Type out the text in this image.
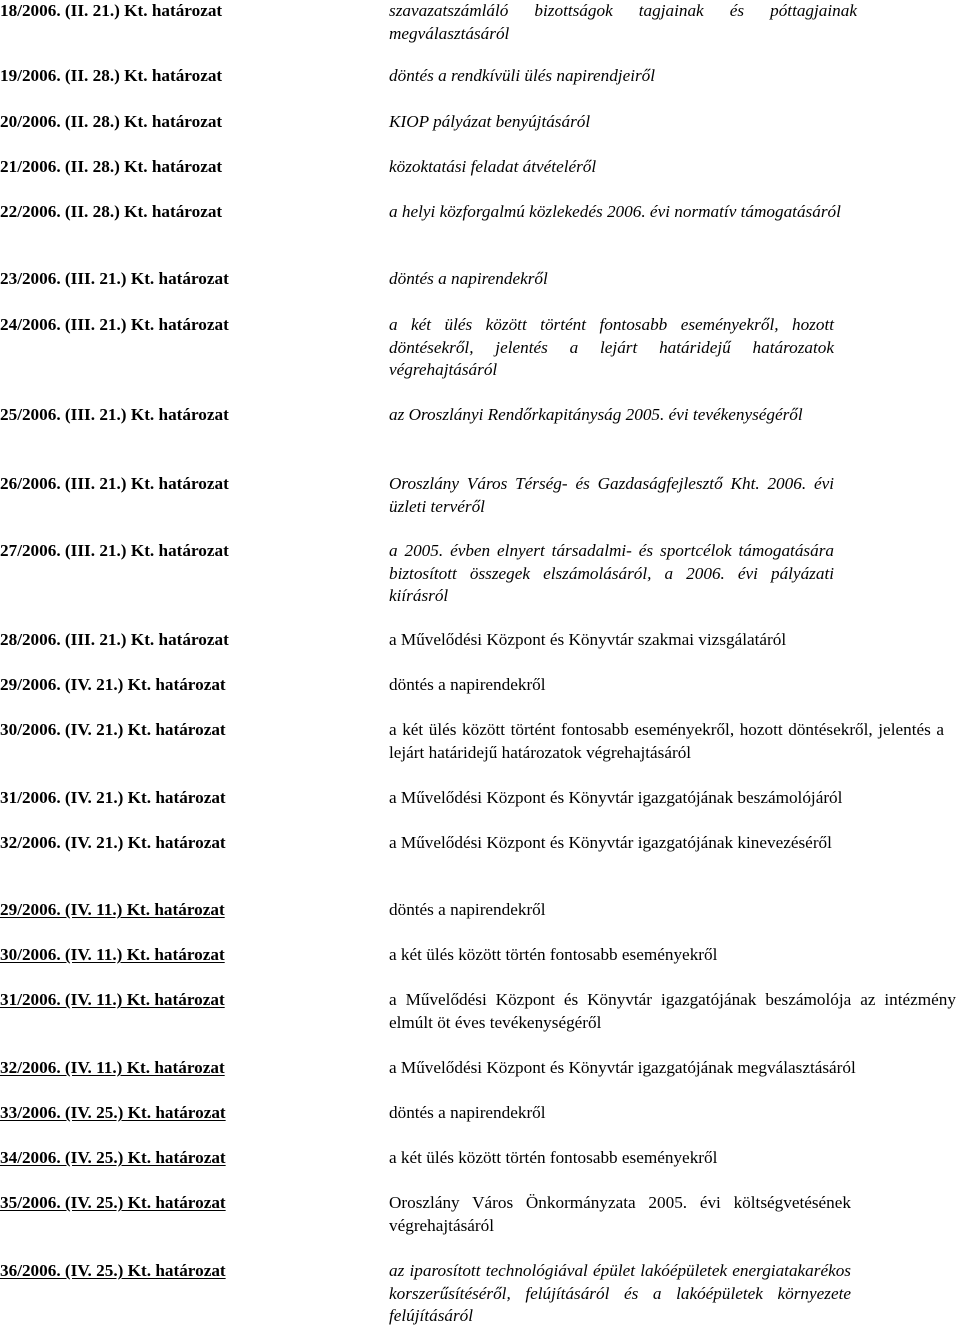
18/2006. (II. 21.) Kt. határozat	szavazatszámláló bizottságok tagjainak és póttagjainak megválasztásáról
19/2006. (II. 28.) Kt. határozat	döntés a rendkívüli ülés napirendjeiről
20/2006. (II. 28.) Kt. határozat	KIOP pályázat benyújtásáról
21/2006. (II. 28.) Kt. határozat	közoktatási feladat átvételéről
22/2006. (II. 28.) Kt. határozat	a helyi közforgalmú közlekedés 2006. évi normatív támogatásáról
23/2006. (III. 21.) Kt. határozat	döntés a napirendekről
24/2006. (III. 21.) Kt. határozat	a két ülés között történt fontosabb eseményekről, hozott döntésekről, jelentés a lejárt határidejű határozatok végrehajtásáról
25/2006. (III. 21.) Kt. határozat	az Oroszlányi Rendőrkapitányság 2005. évi tevékenységéről
26/2006. (III. 21.) Kt. határozat	Oroszlány Város Térség- és Gazdaságfejlesztő Kht. 2006. évi üzleti tervéről
27/2006. (III. 21.) Kt. határozat	a 2005. évben elnyert társadalmi- és sportcélok támogatására biztosított összegek elszámolásáról, a 2006. évi pályázati kiírásról
28/2006. (III. 21.) Kt. határozat	a Művelődési Központ és Könyvtár szakmai vizsgálatáról
29/2006. (IV. 21.) Kt. határozat	döntés a napirendekről
30/2006. (IV. 21.) Kt. határozat	a két ülés között történt fontosabb eseményekről, hozott döntésekről, jelentés a lejárt határidejű határozatok végrehajtásáról
31/2006. (IV. 21.) Kt. határozat	a Művelődési Központ és Könyvtár igazgatójának beszámolójáról
32/2006. (IV. 21.) Kt. határozat	a Művelődési Központ és Könyvtár igazgatójának kinevezéséről
29/2006. (IV. 11.) Kt. határozat	döntés a napirendekről
30/2006. (IV. 11.) Kt. határozat	a két ülés között történ fontosabb eseményekről
31/2006. (IV. 11.) Kt. határozat	a Művelődési Központ és Könyvtár igazgatójának beszámolója az intézmény elmúlt öt éves tevékenységéről
32/2006. (IV. 11.) Kt. határozat	a Művelődési Központ és Könyvtár igazgatójának megválasztásáról
33/2006. (IV. 25.) Kt. határozat	döntés a napirendekről
34/2006. (IV. 25.) Kt. határozat	a két ülés között történ fontosabb eseményekről
35/2006. (IV. 25.) Kt. határozat	Oroszlány Város Önkormányzata 2005. évi költségvetésének végrehajtásáról
36/2006. (IV. 25.) Kt. határozat	az iparosított technológiával épület lakóépületek energiatakarékos korszerűsítéséről, felújításáról és a lakóépületek környezete felújításáról
